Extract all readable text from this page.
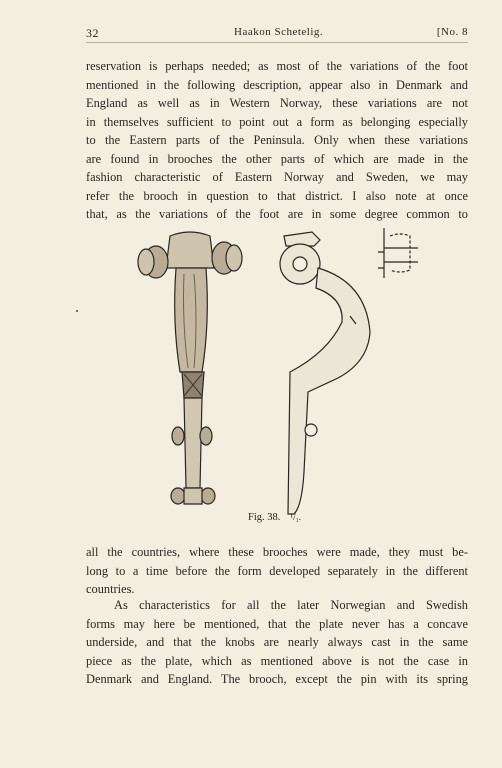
32	Haakon Schetelig.	[No. 8
reservation is perhaps needed; as most of the variations of the foot
mentioned in the following description, appear also in Denmark and
England as well as in Western Norway, these variations are not
in themselves sufficient to point out a form as belonging especially
to the Eastern parts of the Peninsula. Only when these variations
are found in brooches the other parts of which are made in the
fashion characteristic of Eastern Norway and Sweden, we may
refer the brooch in question to that district. I also note at once
that, as the variations of the foot are in some degree common to
Fig. 38. ¹/₁.
all the countries, where these brooches were made, they must be-
long to a time before the form developed separately in the different
countries.
As characteristics for all the later Norwegian and Swedish
forms may here be mentioned, that the plate never has a concave
underside, and that the knobs are nearly always cast in the same
piece as the plate, which as mentioned above is not the case in
Denmark and England. The brooch, except the pin with its spring
